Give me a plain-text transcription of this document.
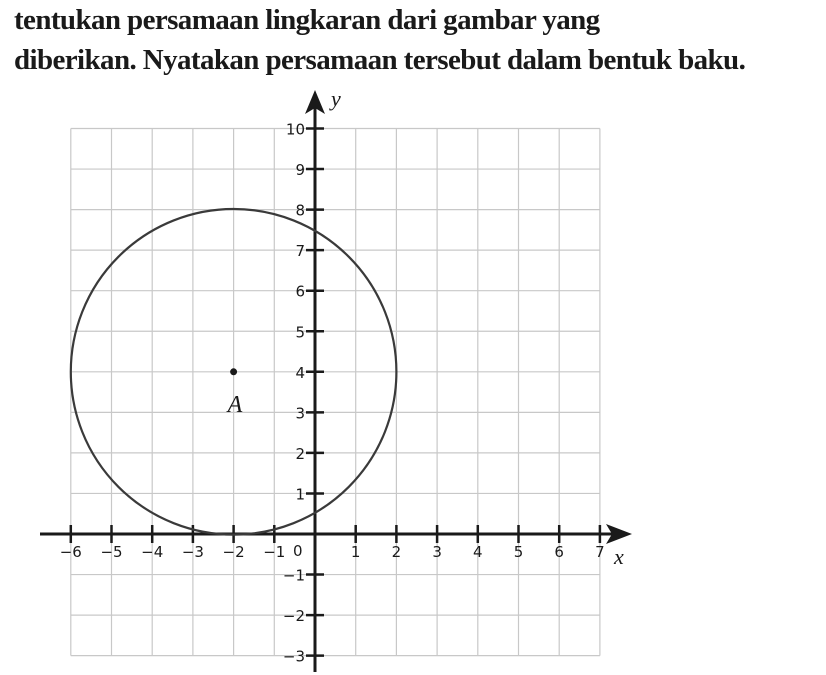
tentukan persamaan lingkaran dari gambar yang
diberikan. Nyatakan persamaan tersebut dalam bentuk baku.
−6 −5 −4 −3 −2 −1	1 2 3 4 5 6 7
10
9
8
7
6
5
4
3
2
1
−1
−2
−3
x
y
0
A
